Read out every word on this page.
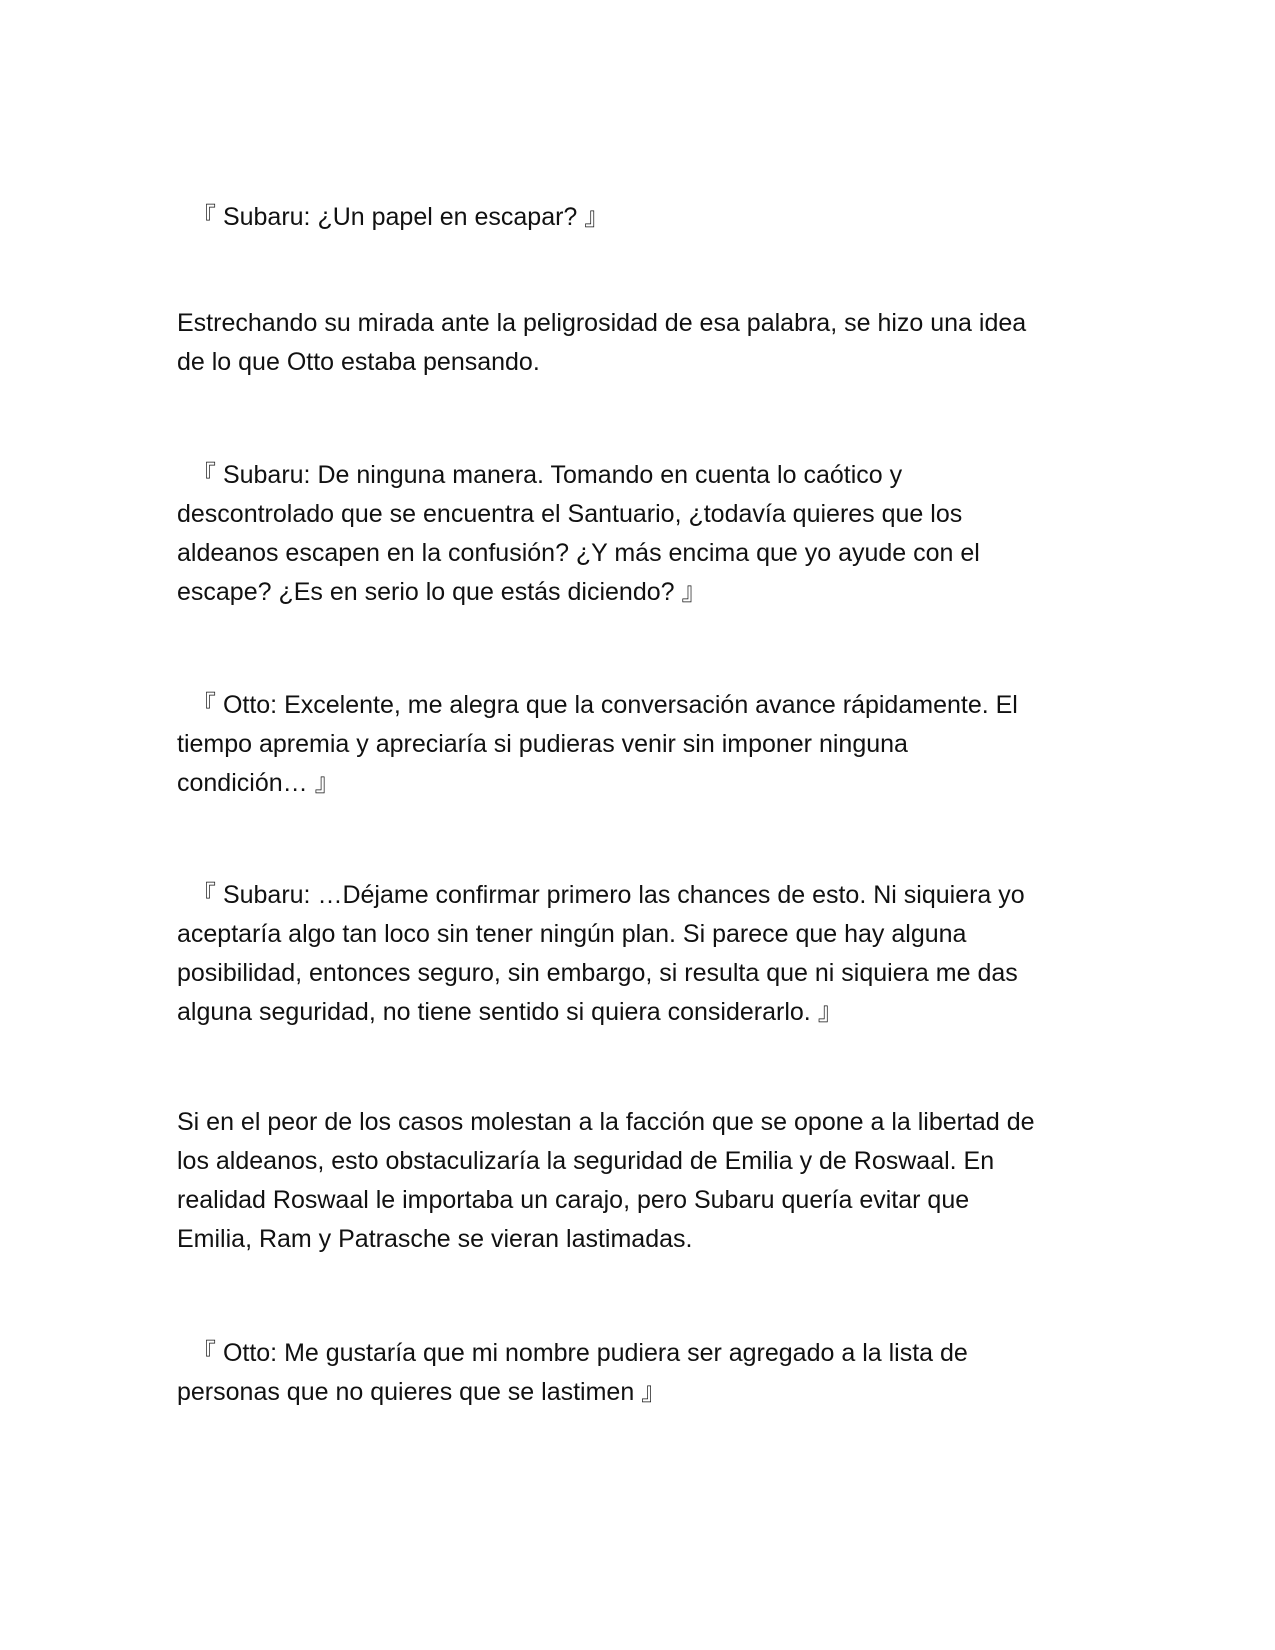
『 Subaru: ¿Un papel en escapar? 』

Estrechando su mirada ante la peligrosidad de esa palabra, se hizo una idea
de lo que Otto estaba pensando.

『 Subaru: De ninguna manera. Tomando en cuenta lo caótico y
descontrolado que se encuentra el Santuario, ¿todavía quieres que los
aldeanos escapen en la confusión? ¿Y más encima que yo ayude con el
escape? ¿Es en serio lo que estás diciendo? 』

『 Otto: Excelente, me alegra que la conversación avance rápidamente. El
tiempo apremia y apreciaría si pudieras venir sin imponer ninguna
condición… 』

『 Subaru: …Déjame confirmar primero las chances de esto. Ni siquiera yo
aceptaría algo tan loco sin tener ningún plan. Si parece que hay alguna
posibilidad, entonces seguro, sin embargo, si resulta que ni siquiera me das
alguna seguridad, no tiene sentido si quiera considerarlo. 』

Si en el peor de los casos molestan a la facción que se opone a la libertad de
los aldeanos, esto obstaculizaría la seguridad de Emilia y de Roswaal. En
realidad Roswaal le importaba un carajo, pero Subaru quería evitar que
Emilia, Ram y Patrasche se vieran lastimadas.

『 Otto: Me gustaría que mi nombre pudiera ser agregado a la lista de
personas que no quieres que se lastimen 』
